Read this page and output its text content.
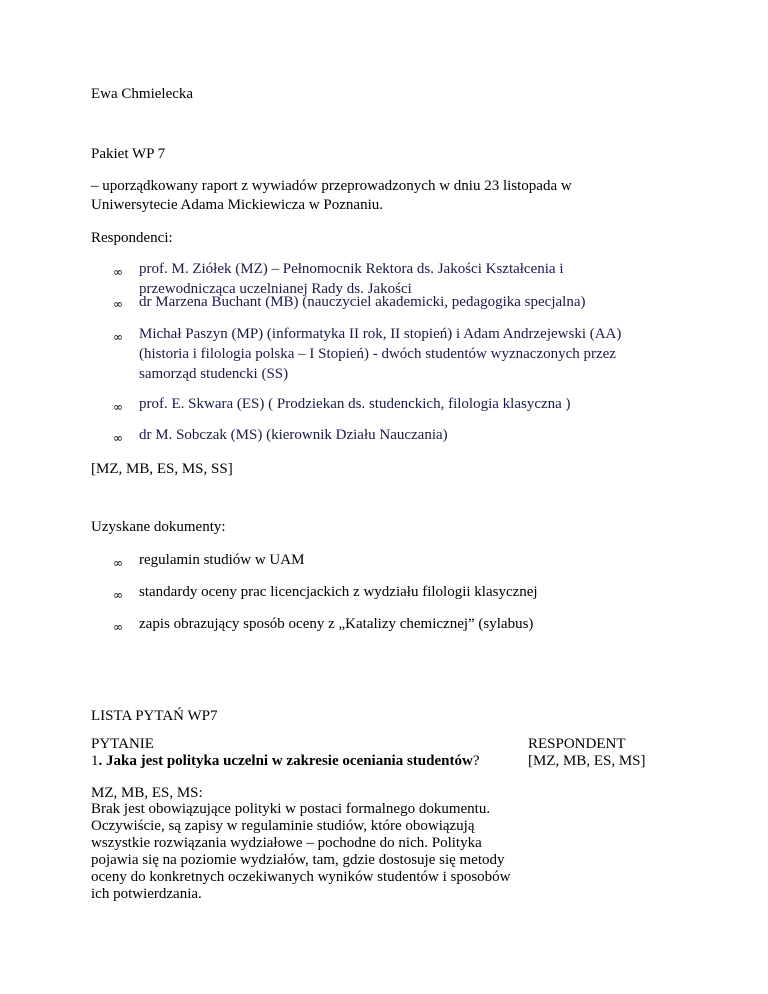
Ewa Chmielecka
Pakiet WP 7
– uporządkowany raport z wywiadów przeprowadzonych w dniu 23 listopada w Uniwersytecie Adama Mickiewicza w Poznaniu.
Respondenci:
∞ prof. M. Ziółek (MZ) – Pełnomocnik Rektora ds. Jakości Kształcenia i
przewodnicząca uczelnianej Rady ds. Jakości
∞ dr Marzena Buchant (MB) (nauczyciel akademicki, pedagogika specjalna)
∞ Michał Paszyn (MP) (informatyka II rok, II stopień) i Adam Andrzejewski (AA)
(historia i filologia polska – I Stopień) - dwóch studentów wyznaczonych przez
samorząd studencki (SS)
∞ prof. E. Skwara (ES) ( Prodziekan ds. studenckich, filologia klasyczna )
∞ dr M. Sobczak (MS) (kierownik Działu Nauczania)
[MZ, MB, ES, MS, SS]
Uzyskane dokumenty:
∞ regulamin studiów w UAM
∞ standardy oceny prac licencjackich z wydziału filologii klasycznej
∞ zapis obrazujący sposób oceny z „Katalizy chemicznej” (sylabus)
LISTA PYTAŃ WP7
PYTANIE
1. Jaka jest polityka uczelni w zakresie oceniania studentów?
RESPONDENT
[MZ, MB, ES, MS]
MZ, MB, ES, MS:
Brak jest obowiązujące polityki w postaci formalnego dokumentu. Oczywiście, są zapisy w regulaminie studiów, które obowiązują wszystkie rozwiązania wydziałowe – pochodne do nich. Polityka pojawia się na poziomie wydziałów, tam, gdzie dostosuje się metody oceny do konkretnych oczekiwanych wyników studentów i sposobów ich potwierdzania.
